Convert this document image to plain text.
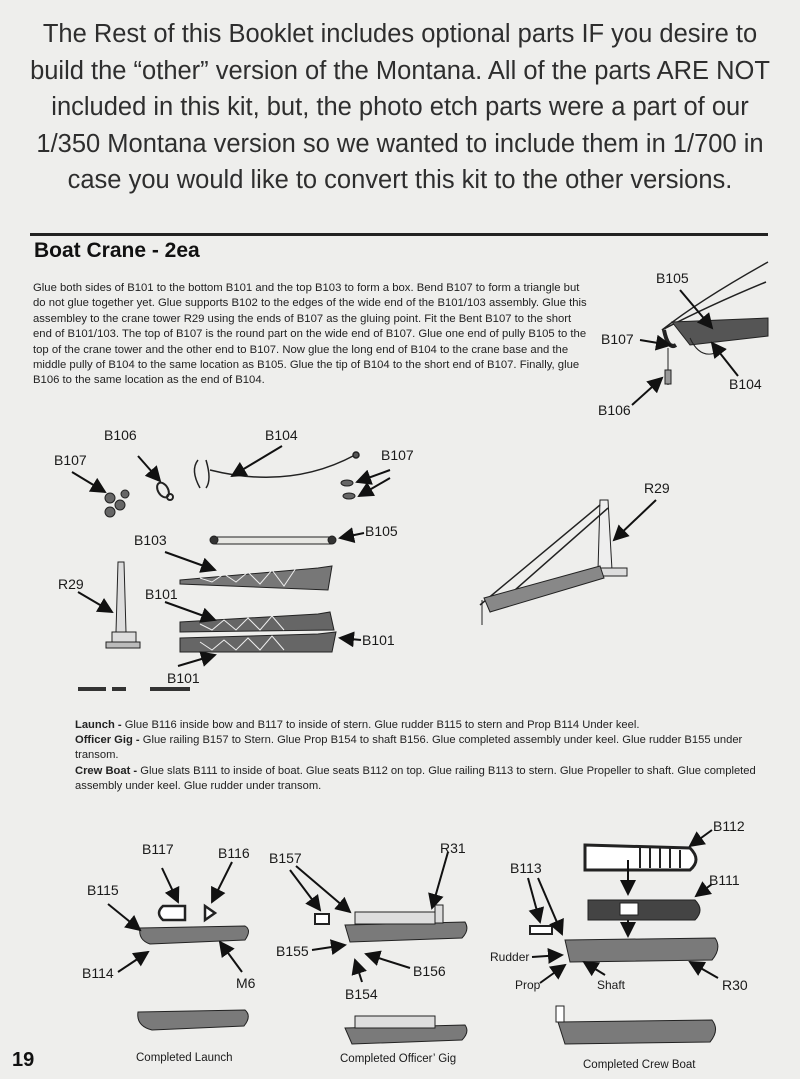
The Rest of this Booklet includes optional parts IF you desire to build the “other” version of the Montana. All of the parts ARE NOT included in this kit, but, the photo etch parts were a part of our 1/350 Montana version so we wanted to include them in 1/700 in case you would like to convert this kit to the other versions.
Boat Crane - 2ea
Glue both sides of B101 to the bottom B101 and the top B103 to form a box. Bend B107 to form a triangle but do not glue together yet. Glue supports B102 to the edges of the wide end of the B101/103 assembly. Glue this assembley to the crane tower R29 using the ends of B107 as the gluing point. Fit the Bent B107 to the short end of B101/103. The top of B107 is the round part on the wide end of B107. Glue one end of pully B105 to the top of the crane tower and the other end to B107. Now glue the long end of B104 to the crane base and the middle pully of B104 to the same location as B105. Glue the tip of B104 to the short end of B107. Finally, glue B106 to the same location as the end of B104.
B105
B107
B104
B106
B106	B104
B107	B107
B105
B103
R29
B101
B101
B101
R29

Launch - Glue B116 inside bow and B117 to inside of stern. Glue rudder B115 to stern and Prop B114 Under keel.

Officer Gig - Glue railing B157 to Stern. Glue Prop B154 to shaft B156. Glue completed assembly under keel. Glue rudder B155 under transom.

Crew Boat - Glue slats B111 to inside of boat. Glue seats B112 on top. Glue railing B113 to stern. Glue Propeller to shaft. Glue completed assembly under keel. Glue rudder under transom.

B117	B116
B115
B114
M6
B157
R31
B155
B156
B154
B113
B112
B111
Rudder
Prop	Shaft	R30
Completed Launch	Completed Officer’ Gig	Completed Crew Boat
19
